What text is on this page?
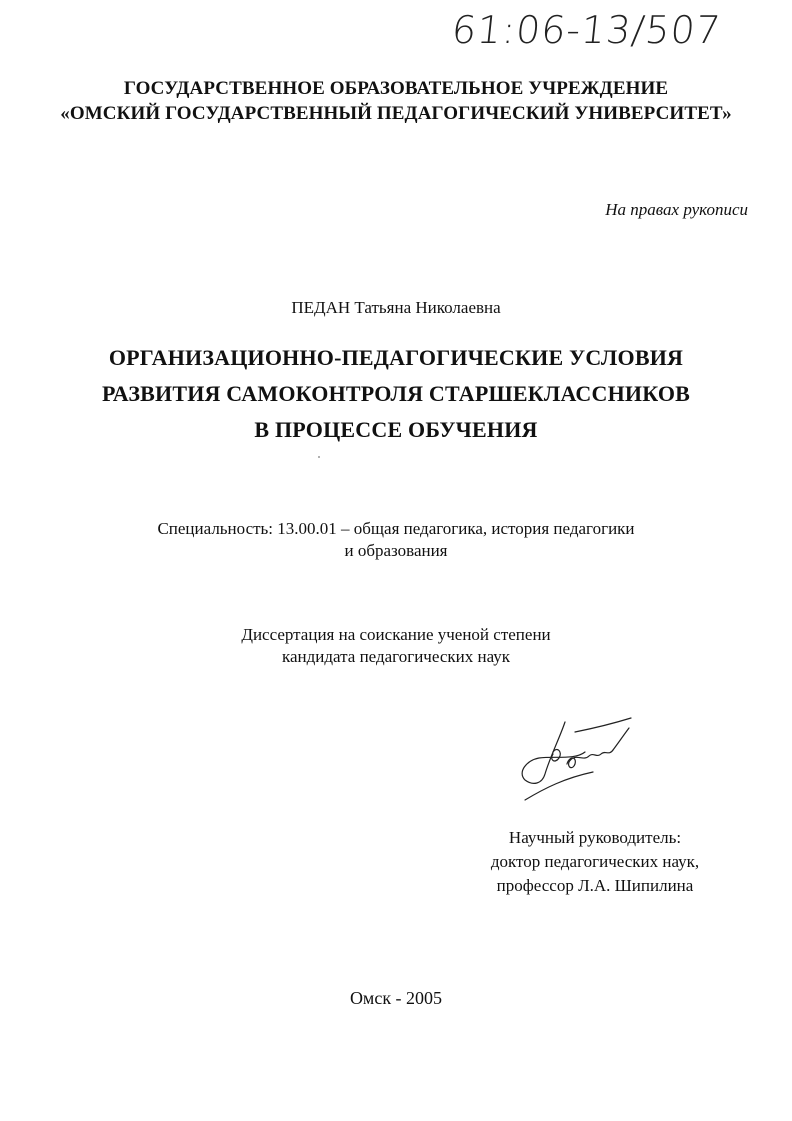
61:06-13/507
ГОСУДАРСТВЕННОЕ ОБРАЗОВАТЕЛЬНОЕ УЧРЕЖДЕНИЕ
«ОМСКИЙ ГОСУДАРСТВЕННЫЙ ПЕДАГОГИЧЕСКИЙ УНИВЕРСИТЕТ»
На правах рукописи
ПЕДАН Татьяна Николаевна
ОРГАНИЗАЦИОННО-ПЕДАГОГИЧЕСКИЕ УСЛОВИЯ
РАЗВИТИЯ САМОКОНТРОЛЯ СТАРШЕКЛАССНИКОВ
В ПРОЦЕССЕ ОБУЧЕНИЯ
Специальность: 13.00.01 – общая педагогика, история педагогики
и образования
Диссертация на соискание ученой степени
кандидата педагогических наук
Научный руководитель:
доктор педагогических наук,
профессор Л.А. Шипилина
Омск - 2005
